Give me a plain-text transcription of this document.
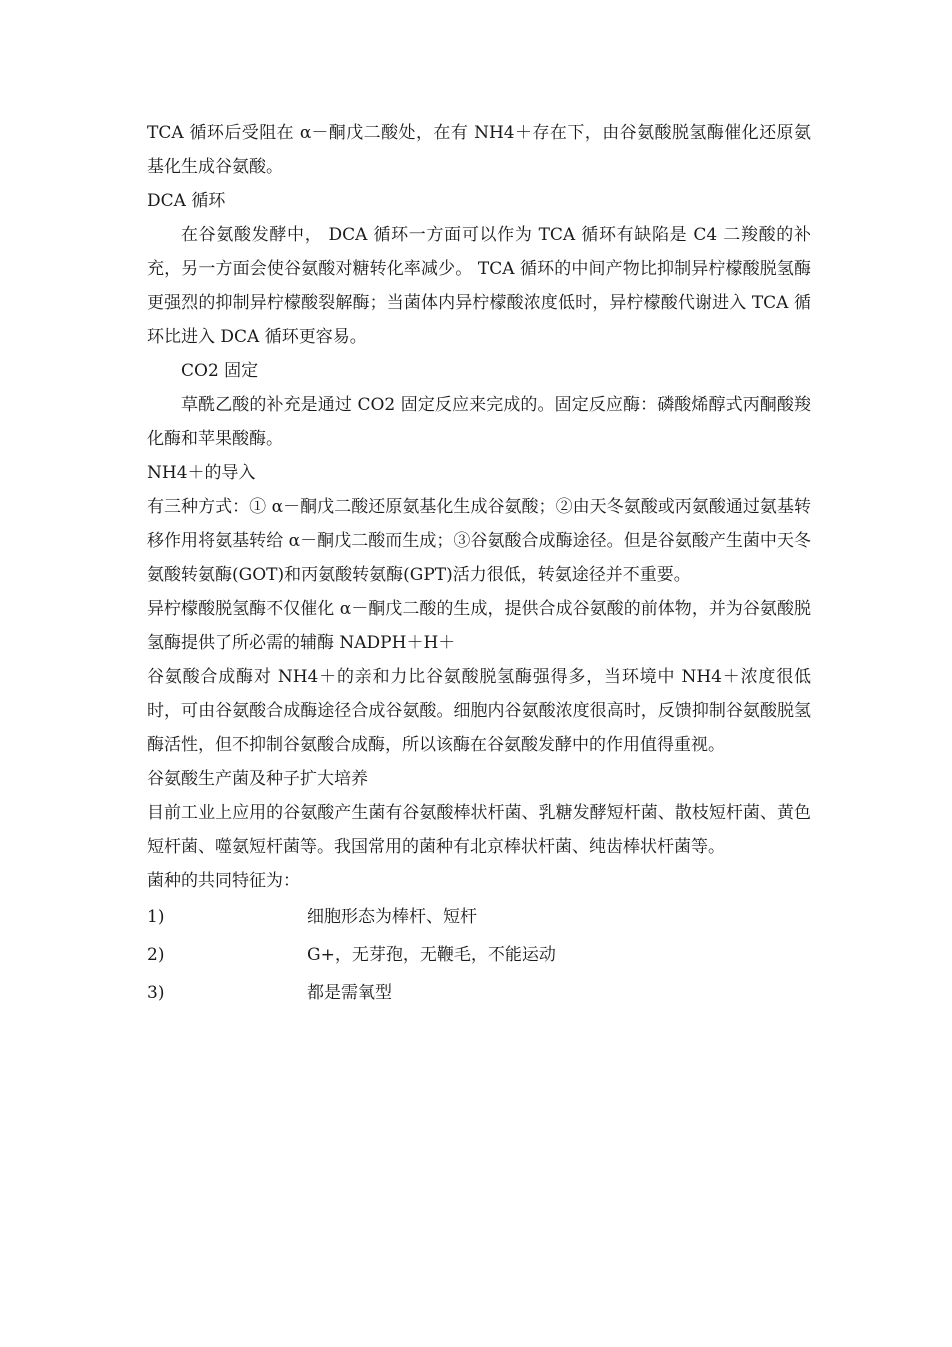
TCA 循环后受阻在 α－酮戊二酸处，在有 NH4＋存在下，由谷氨酸脱氢酶催化还原氨基化生成谷氨酸。

DCA 循环

在谷氨酸发酵中， DCA 循环一方面可以作为 TCA 循环有缺陷是 C4 二羧酸的补充，另一方面会使谷氨酸对糖转化率减少。 TCA 循环的中间产物比抑制异柠檬酸脱氢酶更强烈的抑制异柠檬酸裂解酶；当菌体内异柠檬酸浓度低时，异柠檬酸代谢进入 TCA 循环比进入 DCA 循环更容易。

CO2 固定

草酰乙酸的补充是通过 CO2 固定反应来完成的。固定反应酶：磷酸烯醇式丙酮酸羧化酶和苹果酸酶。

NH4＋的导入

有三种方式：① α－酮戊二酸还原氨基化生成谷氨酸；②由天冬氨酸或丙氨酸通过氨基转移作用将氨基转给 α－酮戊二酸而生成；③谷氨酸合成酶途径。但是谷氨酸产生菌中天冬氨酸转氨酶(GOT)和丙氨酸转氨酶(GPT)活力很低，转氨途径并不重要。

异柠檬酸脱氢酶不仅催化 α－酮戊二酸的生成，提供合成谷氨酸的前体物，并为谷氨酸脱氢酶提供了所必需的辅酶 NADPH＋H＋

谷氨酸合成酶对 NH4＋的亲和力比谷氨酸脱氢酶强得多，当环境中 NH4＋浓度很低时，可由谷氨酸合成酶途径合成谷氨酸。细胞内谷氨酸浓度很高时，反馈抑制谷氨酸脱氢酶活性，但不抑制谷氨酸合成酶，所以该酶在谷氨酸发酵中的作用值得重视。

谷氨酸生产菌及种子扩大培养

目前工业上应用的谷氨酸产生菌有谷氨酸棒状杆菌、乳糖发酵短杆菌、散枝短杆菌、黄色短杆菌、噬氨短杆菌等。我国常用的菌种有北京棒状杆菌、纯齿棒状杆菌等。

菌种的共同特征为：

1)	细胞形态为棒杆、短杆
2)	G+，无芽孢，无鞭毛，不能运动
3)	都是需氧型
